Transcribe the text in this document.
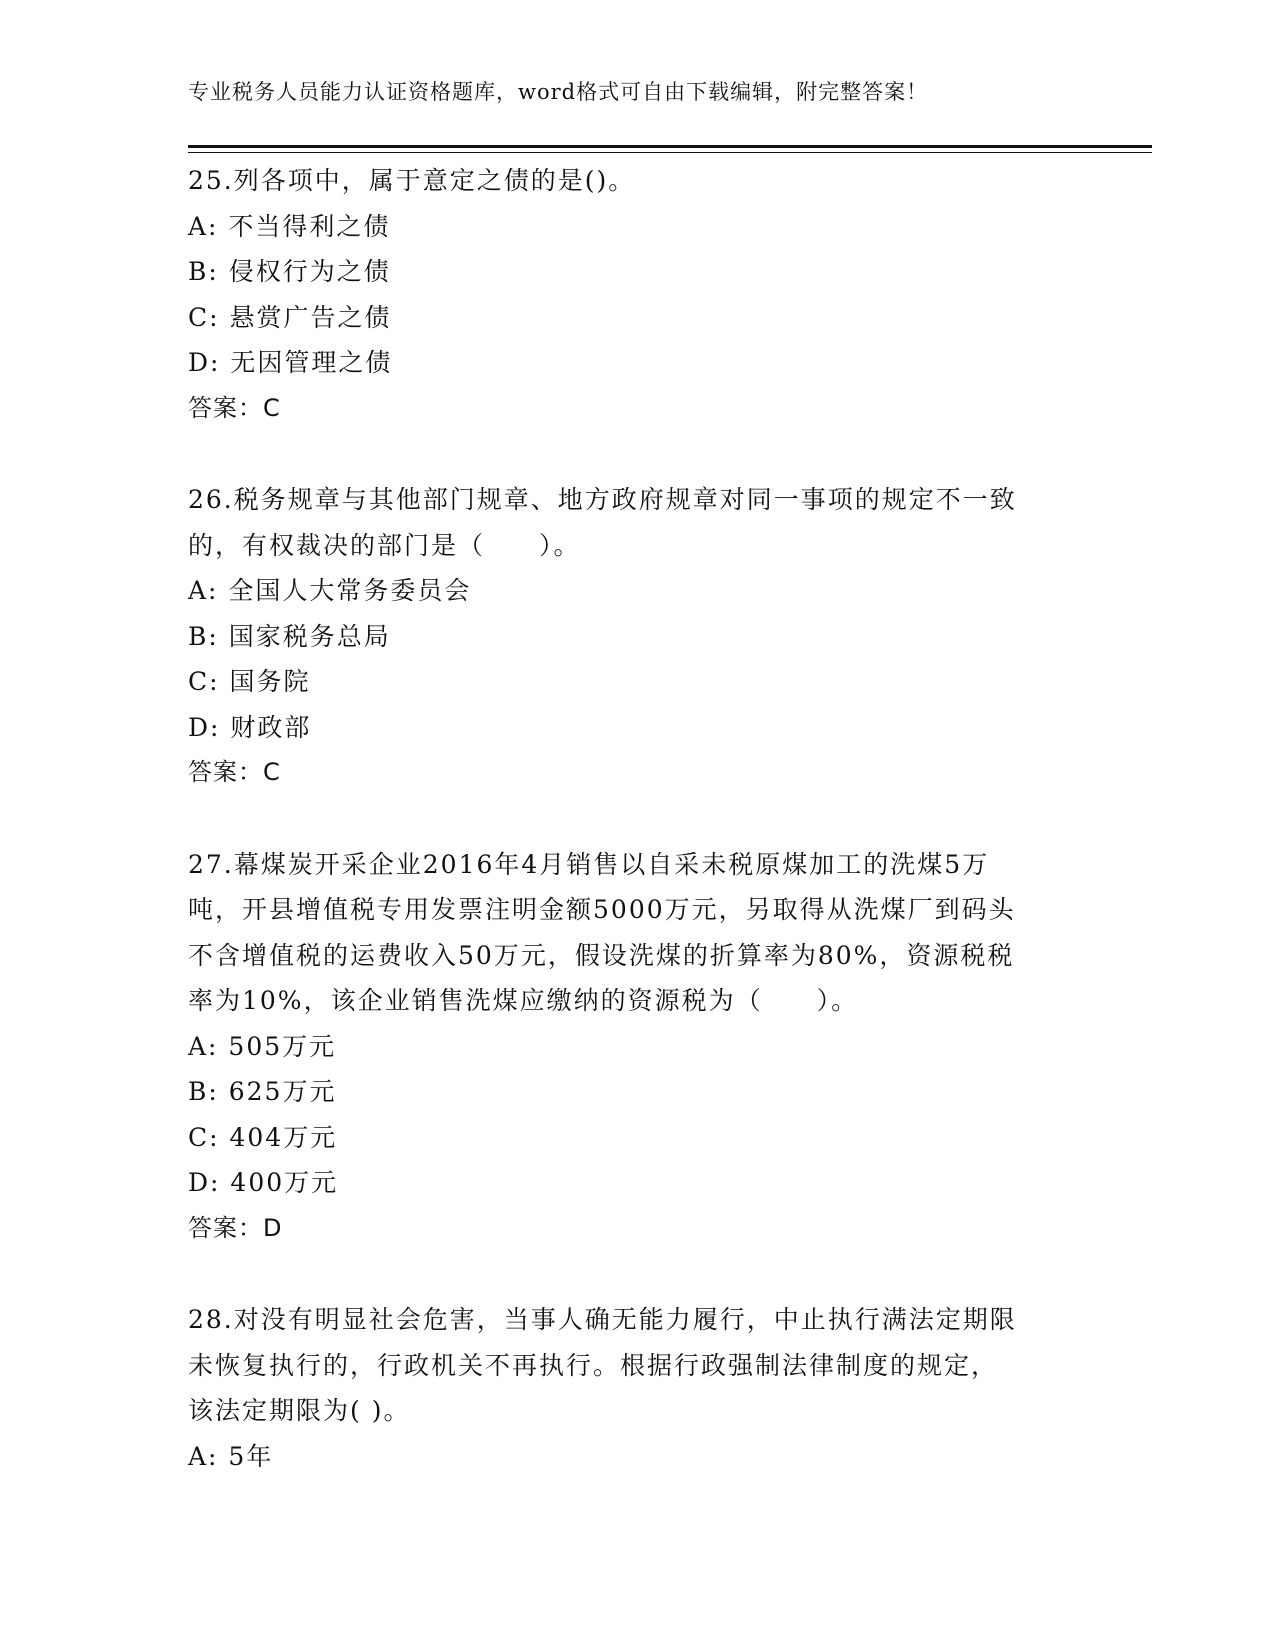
专业税务人员能力认证资格题库，word格式可自由下载编辑，附完整答案！
25.列各项中，属于意定之债的是()。
A: 不当得利之债
B: 侵权行为之债
C: 悬赏广告之债
D: 无因管理之债
答案：C
26.税务规章与其他部门规章、地方政府规章对同一事项的规定不一致
的，有权裁决的部门是（　　）。
A: 全国人大常务委员会
B: 国家税务总局
C: 国务院
D: 财政部
答案：C
27.幕煤炭开采企业2016年4月销售以自采未税原煤加工的洗煤5万
吨，开县增值税专用发票注明金额5000万元，另取得从洗煤厂到码头
不含增值税的运费收入50万元，假设洗煤的折算率为80%，资源税税
率为10%，该企业销售洗煤应缴纳的资源税为（　　）。
A: 505万元
B: 625万元
C: 404万元
D: 400万元
答案：D
28.对没有明显社会危害，当事人确无能力履行，中止执行满法定期限
未恢复执行的，行政机关不再执行。根据行政强制法律制度的规定，
该法定期限为( )。
A: 5年
